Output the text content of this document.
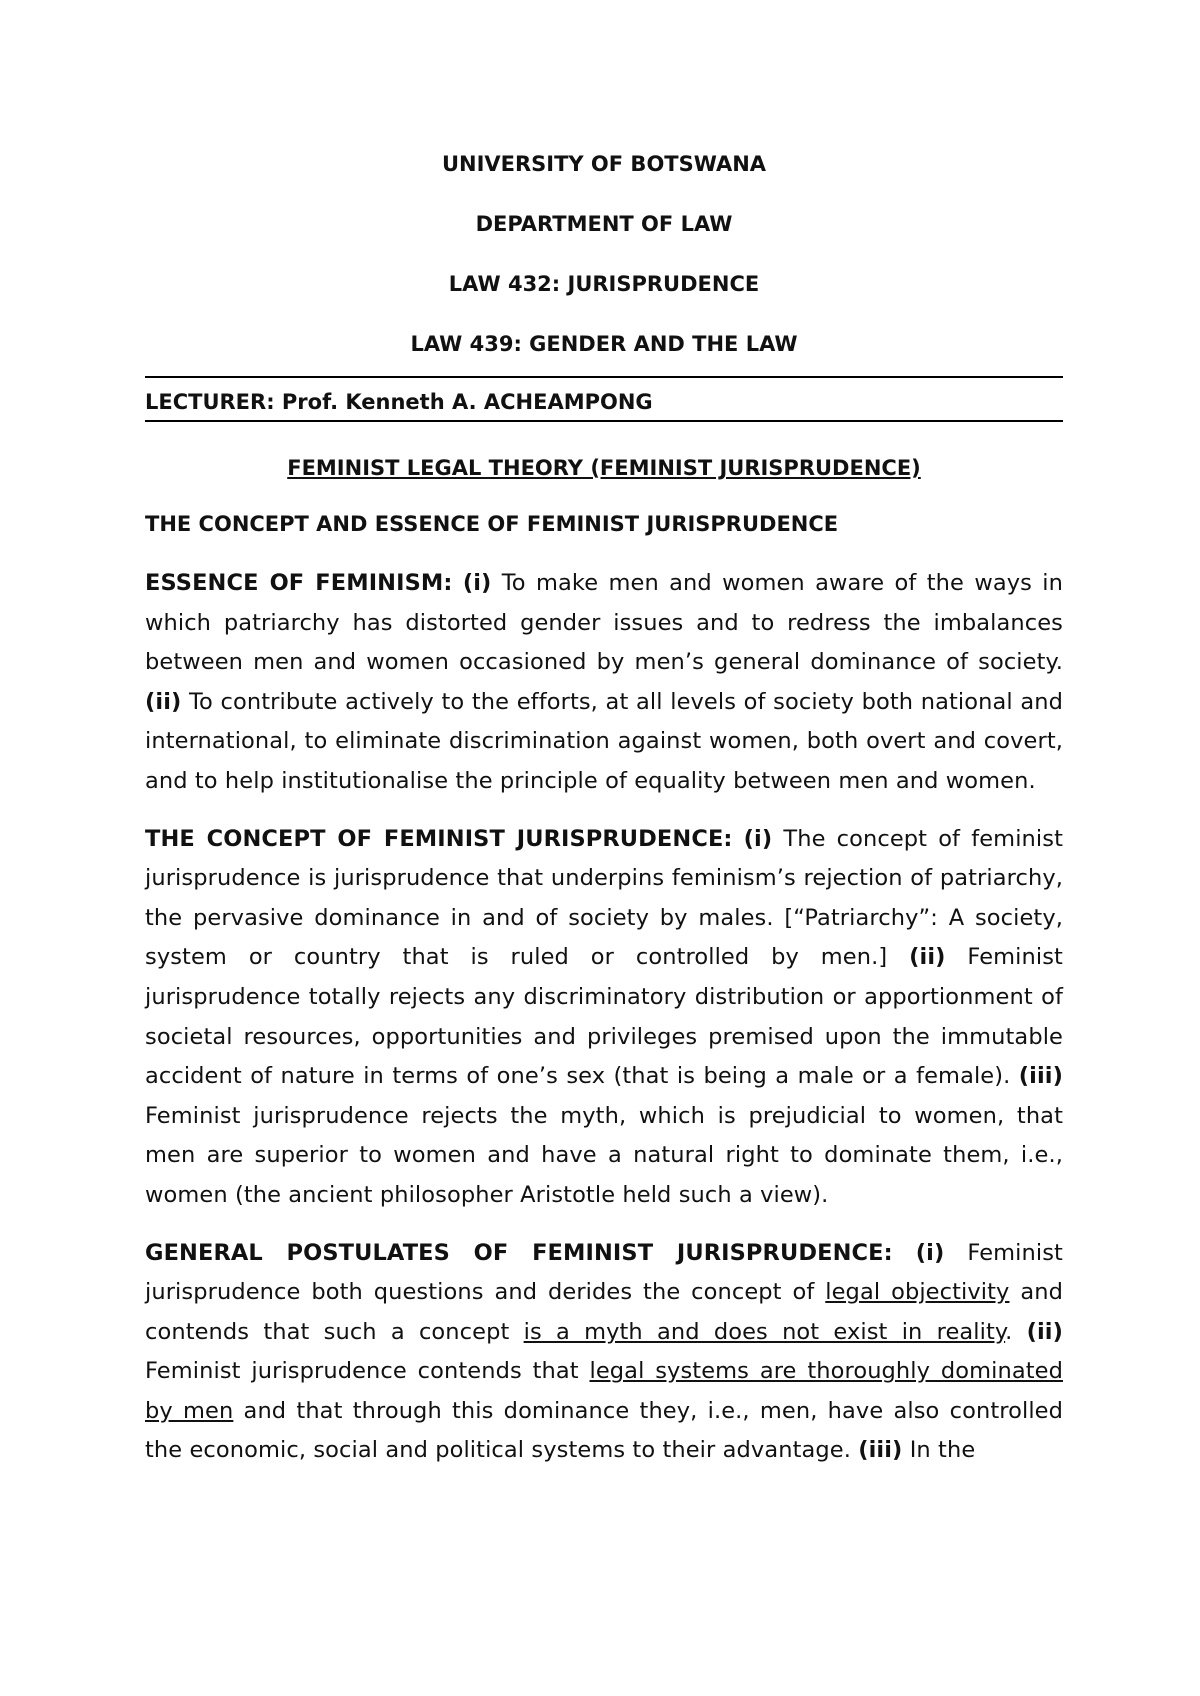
UNIVERSITY OF BOTSWANA
DEPARTMENT OF LAW
LAW 432: JURISPRUDENCE
LAW 439: GENDER AND THE LAW
LECTURER: Prof. Kenneth A. ACHEAMPONG
FEMINIST LEGAL THEORY (FEMINIST JURISPRUDENCE)
THE CONCEPT AND ESSENCE OF FEMINIST JURISPRUDENCE

ESSENCE OF FEMINISM: (i) To make men and women aware of the ways in which patriarchy has distorted gender issues and to redress the imbalances between men and women occasioned by men’s general dominance of society. (ii) To contribute actively to the efforts, at all levels of society both national and international, to eliminate discrimination against women, both overt and covert, and to help institutionalise the principle of equality between men and women.

THE CONCEPT OF FEMINIST JURISPRUDENCE: (i) The concept of feminist jurisprudence is jurisprudence that underpins feminism’s rejection of patriarchy, the pervasive dominance in and of society by males. [“Patriarchy”: A society, system or country that is ruled or controlled by men.] (ii) Feminist jurisprudence totally rejects any discriminatory distribution or apportionment of societal resources, opportunities and privileges premised upon the immutable accident of nature in terms of one’s sex (that is being a male or a female). (iii) Feminist jurisprudence rejects the myth, which is prejudicial to women, that men are superior to women and have a natural right to dominate them, i.e., women (the ancient philosopher Aristotle held such a view).

GENERAL POSTULATES OF FEMINIST JURISPRUDENCE: (i) Feminist jurisprudence both questions and derides the concept of legal objectivity and contends that such a concept is a myth and does not exist in reality. (ii) Feminist jurisprudence contends that legal systems are thoroughly dominated by men and that through this dominance they, i.e., men, have also controlled the economic, social and political systems to their advantage. (iii) In the
